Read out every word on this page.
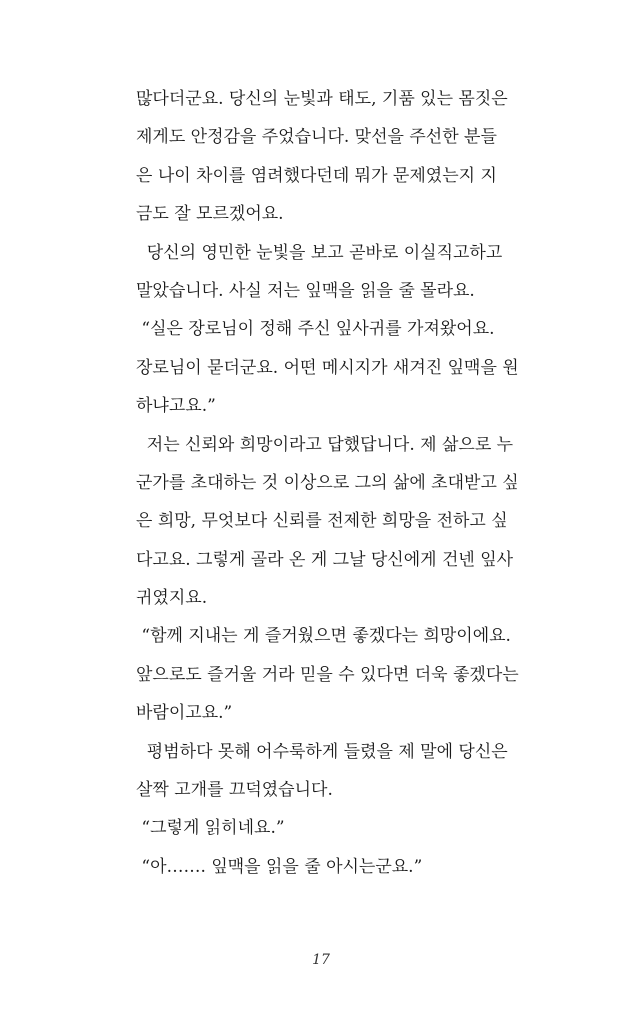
많다더군요. 당신의 눈빛과 태도, 기품 있는 몸짓은
제게도 안정감을 주었습니다. 맞선을 주선한 분들
은 나이 차이를 염려했다던데 뭐가 문제였는지 지
금도 잘 모르겠어요.
당신의 영민한 눈빛을 보고 곧바로 이실직고하고
말았습니다. 사실 저는 잎맥을 읽을 줄 몰라요.
“실은 장로님이 정해 주신 잎사귀를 가져왔어요.
장로님이 묻더군요. 어떤 메시지가 새겨진 잎맥을 원
하냐고요.”
저는 신뢰와 희망이라고 답했답니다. 제 삶으로 누
군가를 초대하는 것 이상으로 그의 삶에 초대받고 싶
은 희망, 무엇보다 신뢰를 전제한 희망을 전하고 싶
다고요. 그렇게 골라 온 게 그날 당신에게 건넨 잎사
귀였지요.
“함께 지내는 게 즐거웠으면 좋겠다는 희망이에요.
앞으로도 즐거울 거라 믿을 수 있다면 더욱 좋겠다는
바람이고요.”
평범하다 못해 어수룩하게 들렸을 제 말에 당신은
살짝 고개를 끄덕였습니다.
“그렇게 읽히네요.”
“아……. 잎맥을 읽을 줄 아시는군요.”
17
